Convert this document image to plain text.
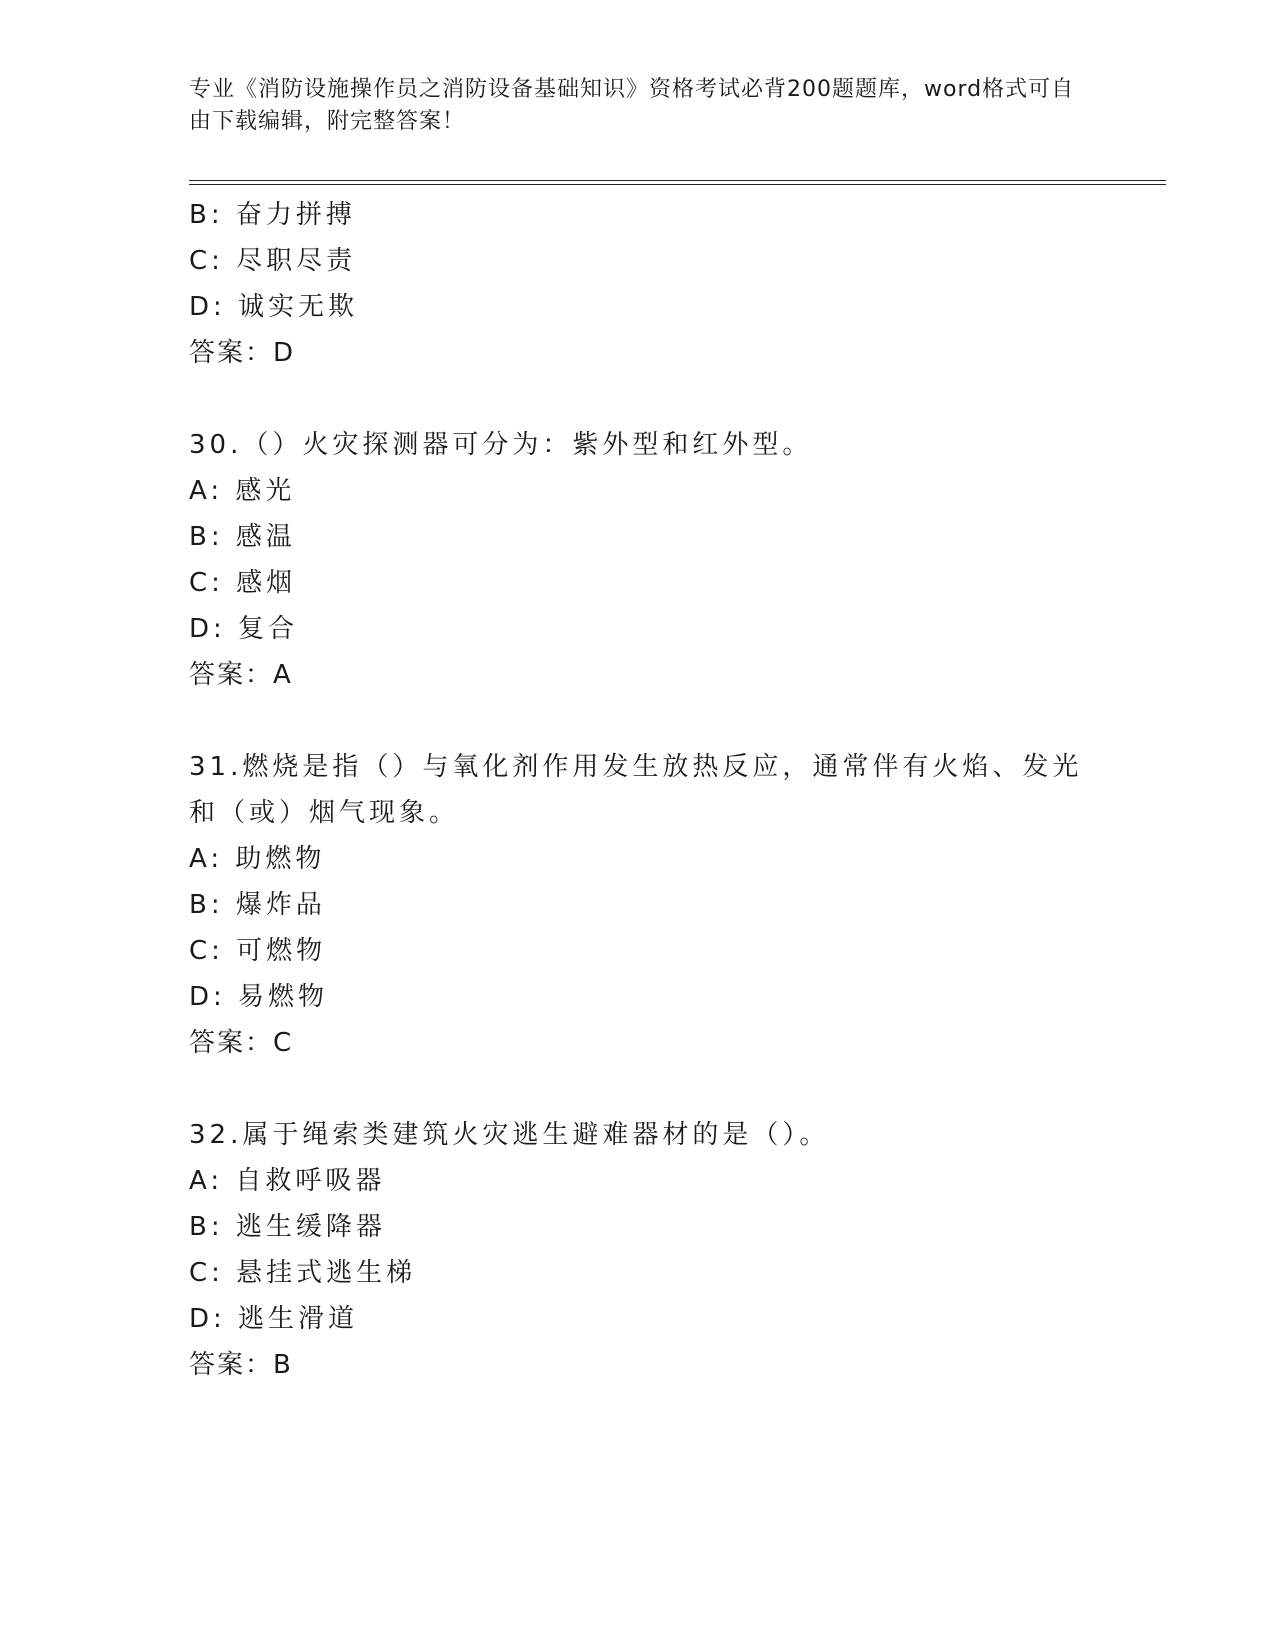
专业《消防设施操作员之消防设备基础知识》资格考试必背200题题库，word格式可自由下载编辑，附完整答案！
B: 奋力拼搏
C: 尽职尽责
D: 诚实无欺
答案：D
30.（）火灾探测器可分为：紫外型和红外型。
A: 感光
B: 感温
C: 感烟
D: 复合
答案：A
31.燃烧是指（）与氧化剂作用发生放热反应，通常伴有火焰、发光和（或）烟气现象。
A: 助燃物
B: 爆炸品
C: 可燃物
D: 易燃物
答案：C
32.属于绳索类建筑火灾逃生避难器材的是（）。
A: 自救呼吸器
B: 逃生缓降器
C: 悬挂式逃生梯
D: 逃生滑道
答案：B
